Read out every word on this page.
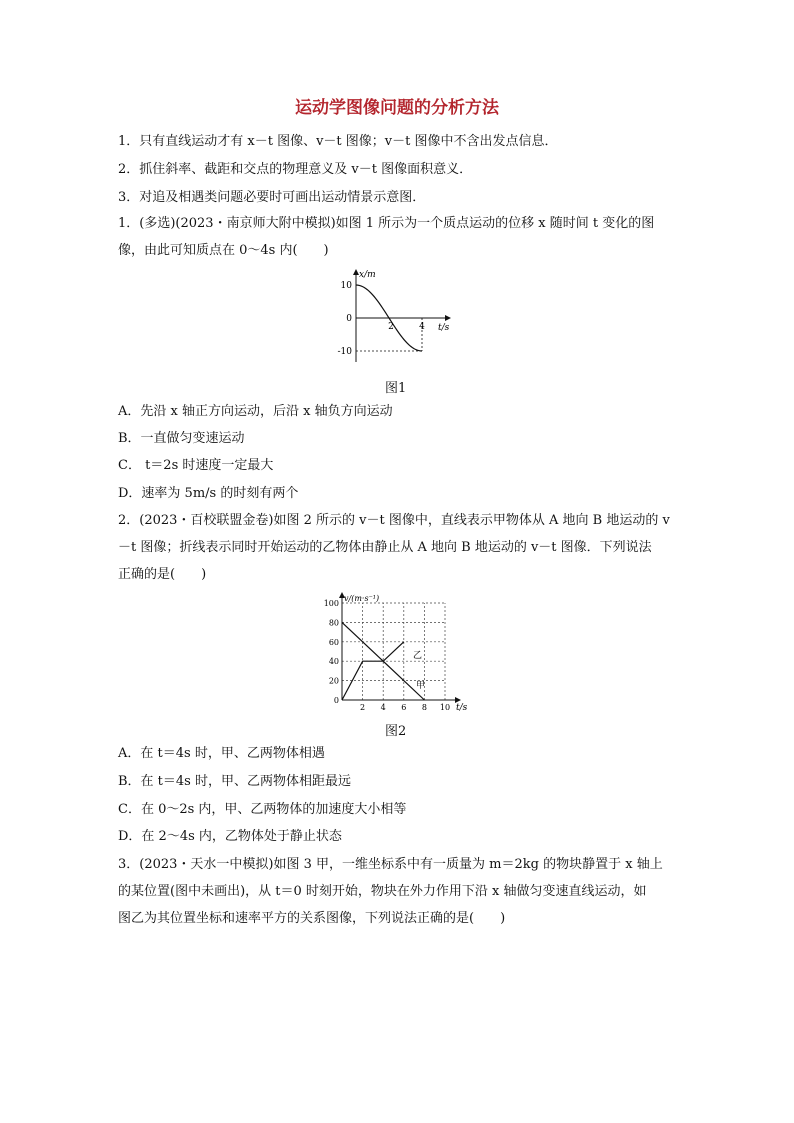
运动学图像问题的分析方法
1．只有直线运动才有 x－t 图像、v－t 图像；v－t 图像中不含出发点信息．
2．抓住斜率、截距和交点的物理意义及 v－t 图像面积意义．
3．对追及相遇类问题必要时可画出运动情景示意图．
1．(多选)(2023・南京师大附中模拟)如图 1 所示为一个质点运动的位移 x 随时间 t 变化的图
像，由此可知质点在 0～4s 内(　　)
x/m
t/s
10
0
-10
2	4
图1
A．先沿 x 轴正方向运动，后沿 x 轴负方向运动
B．一直做匀变速运动
C． t＝2s 时速度一定最大
D．速率为 5m/s 的时刻有两个
2．(2023・百校联盟金卷)如图 2 所示的 v－t 图像中，直线表示甲物体从 A 地向 B 地运动的 v
－t 图像；折线表示同时开始运动的乙物体由静止从 A 地向 B 地运动的 v－t 图像．下列说法
正确的是(　　)
100
80
60
40
20
0
2 4 6 8 10
v/(m·s⁻¹)
t/s
乙
甲
图2
A．在 t＝4s 时，甲、乙两物体相遇
B．在 t＝4s 时，甲、乙两物体相距最远
C．在 0～2s 内，甲、乙两物体的加速度大小相等
D．在 2～4s 内，乙物体处于静止状态
3．(2023・天水一中模拟)如图 3 甲，一维坐标系中有一质量为 m＝2kg 的物块静置于 x 轴上
的某位置(图中未画出)，从 t＝0 时刻开始，物块在外力作用下沿 x 轴做匀变速直线运动，如
图乙为其位置坐标和速率平方的关系图像，下列说法正确的是(　　)
